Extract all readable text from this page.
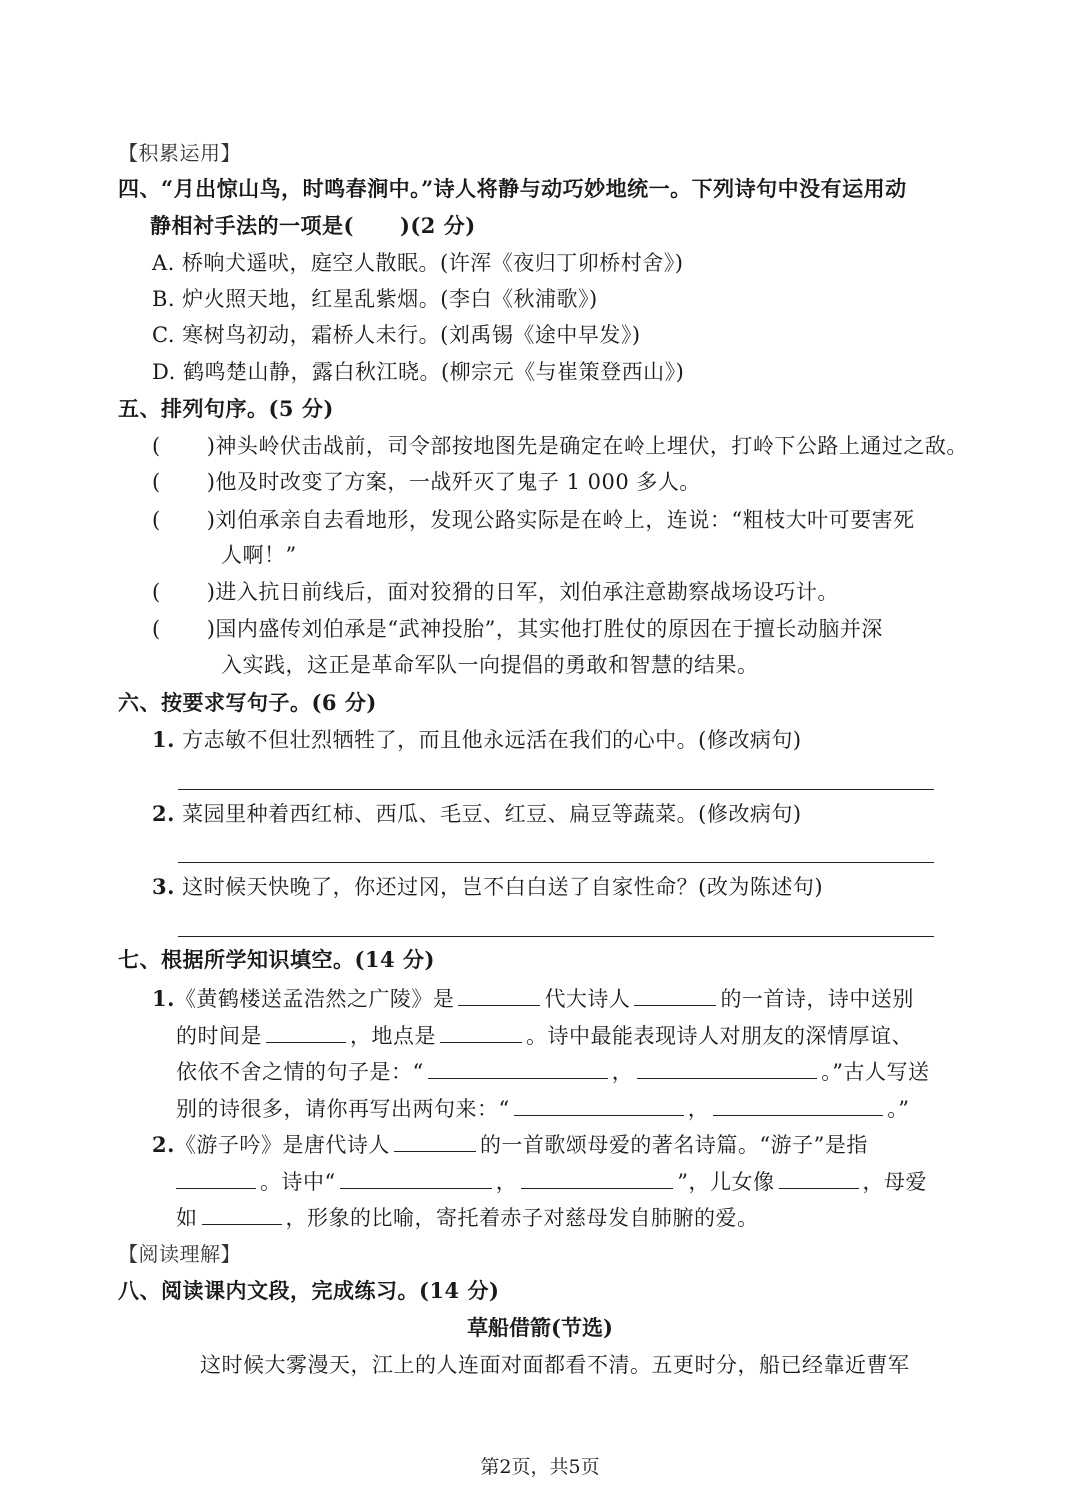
【积累运用】
四、“月出惊山鸟，时鸣春涧中。”诗人将静与动巧妙地统一。下列诗句中没有运用动
静相衬手法的一项是( )(2 分)
A. 桥响犬遥吠，庭空人散眠。(许浑《夜归丁卯桥村舍》)
B. 炉火照天地，红星乱紫烟。(李白《秋浦歌》)
C. 寒树鸟初动，霜桥人未行。(刘禹锡《途中早发》)
D. 鹤鸣楚山静，露白秋江晓。(柳宗元《与崔策登西山》)
五、排列句序。(5 分)
( )神头岭伏击战前，司令部按地图先是确定在岭上埋伏，打岭下公路上通过之敌。
( )他及时改变了方案，一战歼灭了鬼子 1 000 多人。
( )刘伯承亲自去看地形，发现公路实际是在岭上，连说：“粗枝大叶可要害死
人啊！”
( )进入抗日前线后，面对狡猾的日军，刘伯承注意勘察战场设巧计。
( )国内盛传刘伯承是“武神投胎”，其实他打胜仗的原因在于擅长动脑并深
入实践，这正是革命军队一向提倡的勇敢和智慧的结果。
六、按要求写句子。(6 分)
1. 方志敏不但壮烈牺牲了，而且他永远活在我们的心中。(修改病句)
2. 菜园里种着西红柿、西瓜、毛豆、红豆、扁豆等蔬菜。(修改病句)
3. 这时候天快晚了，你还过冈，岂不白白送了自家性命？(改为陈述句)
七、根据所学知识填空。(14 分)
1.《黄鹤楼送孟浩然之广陵》是	代大诗人	的一首诗，诗中送别
的时间是	，地点是	。诗中最能表现诗人对朋友的深情厚谊、
依依不舍之情的句子是：“	，	。”古人写送
别的诗很多，请你再写出两句来：“	，	。”
2.《游子吟》是唐代诗人	的一首歌颂母爱的著名诗篇。“游子”是指
。诗中“	，	”，儿女像	，母爱
如	，形象的比喻，寄托着赤子对慈母发自肺腑的爱。
【阅读理解】
八、阅读课内文段，完成练习。(14 分)
草船借箭(节选)
这时候大雾漫天，江上的人连面对面都看不清。五更时分，船已经靠近曹军
第2页，共5页
